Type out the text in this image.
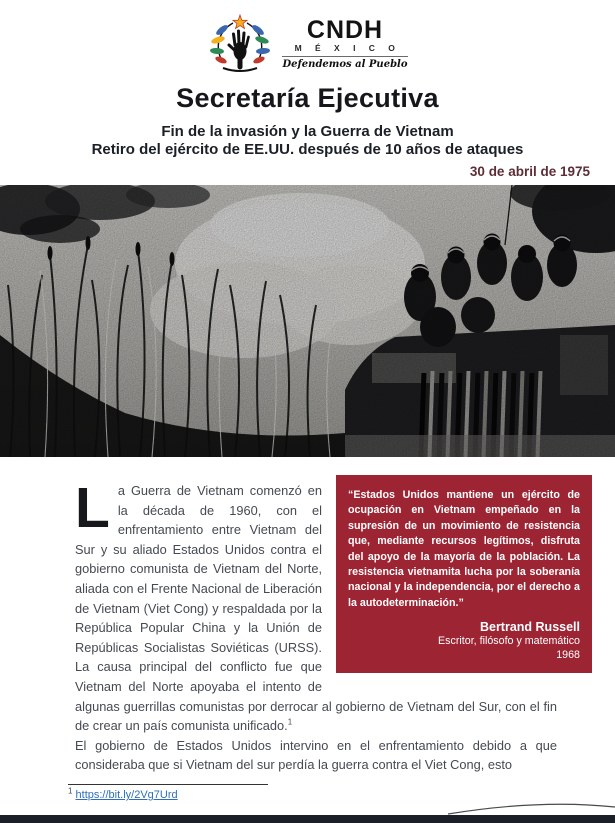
CNDH
M É X I C O
Defendemos al Pueblo
Secretaría Ejecutiva
Fin de la invasión y la Guerra de Vietnam
Retiro del ejército de EE.UU. después de 10 años de ataques
30 de abril de 1975
“Estados Unidos mantiene un ejército de ocupación en Vietnam empeñado en la supresión de un movimiento de resistencia que, mediante recursos legítimos, disfruta del apoyo de la mayoría de la población. La resistencia vietnamita lucha por la soberanía nacional y la independencia, por el derecho a la autodeterminación.”
Bertrand Russell
Escritor, filósofo y matemático
1968

La Guerra de Vietnam comenzó en la década de 1960, con el enfrentamiento entre Vietnam del Sur y su aliado Estados Unidos contra el gobierno comunista de Vietnam del Norte, aliada con el Frente Nacional de Liberación de Vietnam (Viet Cong) y respaldada por la República Popular China y la Unión de Repúblicas Socialistas Soviéticas (URSS). La causa principal del conflicto fue que Vietnam del Norte apoyaba el intento de algunas guerrillas comunistas por derrocar al gobierno de Vietnam del Sur, con el fin de crear un país comunista unificado.$^1$

El gobierno de Estados Unidos intervino en el enfrentamiento debido a que consideraba que si Vietnam del sur perdía la guerra contra el Viet Cong, esto

$^1$ https://bit.ly/2Vg7Urd
